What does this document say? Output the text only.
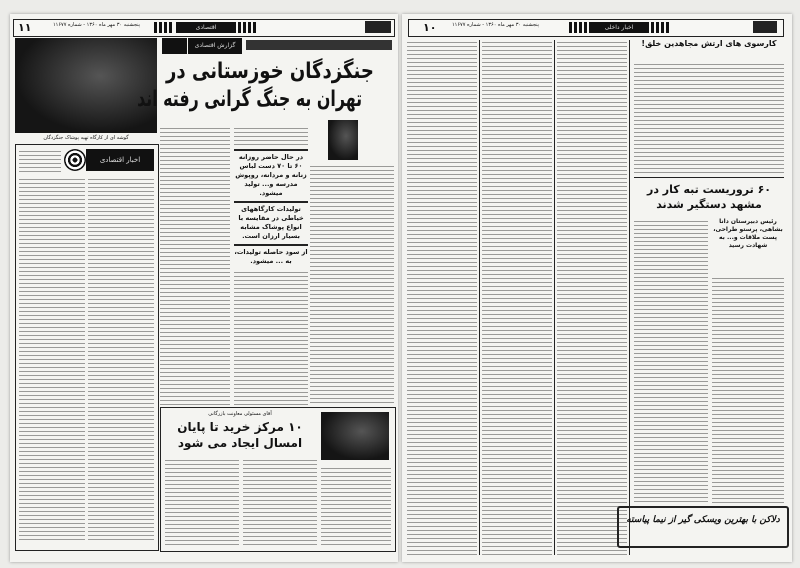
۱۱	پنجشنبه ۳۰ مهر ماه ۱۳۶۰ - شماره ۱۱۶۷۷	اقتصادی
گوشه ای از کارگاه تهیه پوشاک جنگزدگان
گزارش اقتصادی
جنگزدگان خوزستانی در
تهران به جنگ گرانی رفته اند
اخبار اقتصادی	در حال حاضر روزانه ۶۰ تا ۷۰ دست لباس زنانه و مردانه، روپوش مدرسه و... تولید میشود.
تولیدات کارگاههای خیاطی در مقایسه با انواع پوشاک مشابه بسیار ارزان است.
از سود حاصله تولیدات، به ... میشود.
آقای مسئولی معاونت بازرگانی
۱۰ مرکز خرید تا پایان
امسال ایجاد می شود
۱۰	پنجشنبه ۳۰ مهر ماه ۱۳۶۰ - شماره ۱۱۶۷۷	اخبار داخلی
کارسوی های ارتش مجاهدین خلق!
۶۰ تروریست تبه کار در
مشهد دستگیر شدند
رئیس دبیرستان دانا بشاهی، پرستو طراحی، پست ملاقات و... به شهادت رسید
دلاکن با بهترین ویسکی گیر از نیما پیاسته
